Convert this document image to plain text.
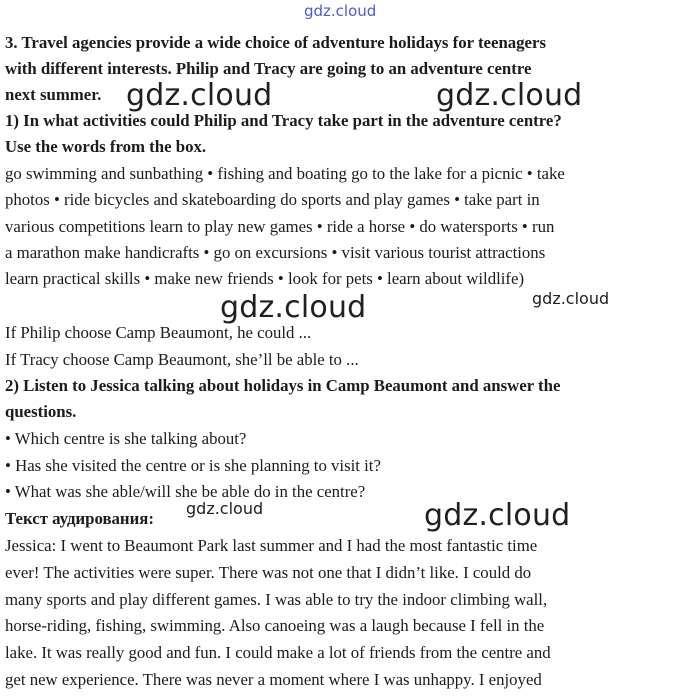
gdz.cloud
3. Travel agencies provide a wide choice of adventure holidays for teenagers
with different interests. Philip and Tracy are going to an adventure centre
next summer.
1) In what activities could Philip and Tracy take part in the adventure centre?
Use the words from the box.
go swimming and sunbathing • fishing and boating go to the lake for a picnic • take
photos • ride bicycles and skateboarding do sports and play games • take part in
various competitions learn to play new games • ride a horse • do watersports • run
a marathon make handicrafts • go on excursions • visit various tourist attractions
learn practical skills • make new friends • look for pets • learn about wildlife)
If Philip choose Camp Beaumont, he could ...
If Tracy choose Camp Beaumont, she’ll be able to ...
2) Listen to Jessica talking about holidays in Camp Beaumont and answer the
questions.
• Which centre is she talking about?
• Has she visited the centre or is she planning to visit it?
• What was she able/will she be able do in the centre?
Текст аудирования:
Jessica: I went to Beaumont Park last summer and I had the most fantastic time
ever! The activities were super. There was not one that I didn’t like. I could do
many sports and play different games. I was able to try the indoor climbing wall,
horse-riding, fishing, swimming. Also canoeing was a laugh because I fell in the
lake. It was really good and fun. I could make a lot of friends from the centre and
get new experience. There was never a moment where I was unhappy. I enjoyed
gdz.cloud	gdz.cloud
gdz.cloud	gdz.cloud
gdz.cloud	gdz.cloud
